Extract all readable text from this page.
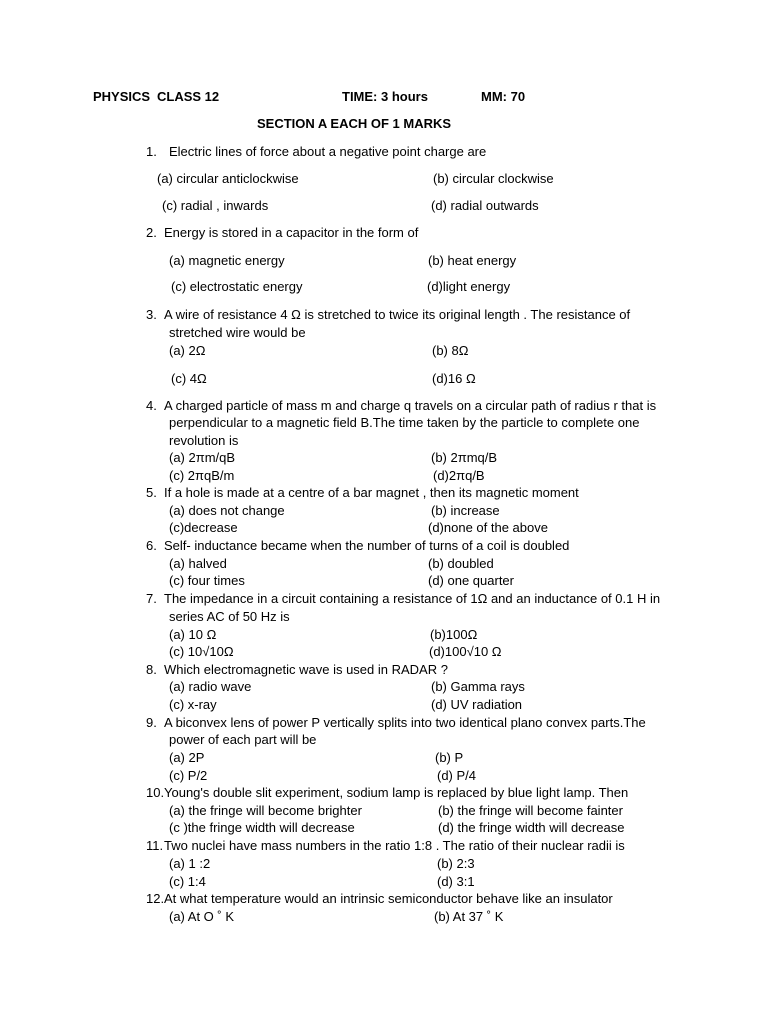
PHYSICS CLASS 12	TIME: 3 hours	MM: 70
SECTION A EACH OF 1 MARKS
1. Electric lines of force about a negative point charge are
(a) circular anticlockwise	(b) circular clockwise
(c) radial , inwards	(d) radial outwards
2. Energy is stored in a capacitor in the form of
(a) magnetic energy	(b) heat energy
(c) electrostatic energy	(d)light energy
3. A wire of resistance 4 Ω is stretched to twice its original length . The resistance of
stretched wire would be
(a) 2Ω	(b) 8Ω
(c) 4Ω	(d)16 Ω
4. A charged particle of mass m and charge q travels on a circular path of radius r that is
perpendicular to a magnetic field B.The time taken by the particle to complete one
revolution is
(a) 2πm/qB	(b) 2πmq/B
(c) 2πqB/m	(d)2πq/B
5. If a hole is made at a centre of a bar magnet , then its magnetic moment
(a) does not change	(b) increase
(c)decrease	(d)none of the above
6. Self- inductance became when the number of turns of a coil is doubled
(a) halved	(b) doubled
(c) four times	(d) one quarter
7. The impedance in a circuit containing a resistance of 1Ω and an inductance of 0.1 H in
series AC of 50 Hz is
(a) 10 Ω	(b)100Ω
(c) 10√10Ω	(d)100√10 Ω
8. Which electromagnetic wave is used in RADAR ?
(a) radio wave	(b) Gamma rays
(c) x-ray	(d) UV radiation
9. A biconvex lens of power P vertically splits into two identical plano convex parts.The
power of each part will be
(a) 2P	(b) P
(c) P/2	(d) P/4
10. Young's double slit experiment, sodium lamp is replaced by blue light lamp. Then
(a) the fringe will become brighter	(b) the fringe will become fainter
(c )the fringe width will decrease	(d) the fringe width will decrease
11. Two nuclei have mass numbers in the ratio 1:8 . The ratio of their nuclear radii is
(a) 1 :2	(b) 2:3
(c) 1:4	(d) 3:1
12. At what temperature would an intrinsic semiconductor behave like an insulator
(a) At O ˚ K	(b) At 37 ˚ K
